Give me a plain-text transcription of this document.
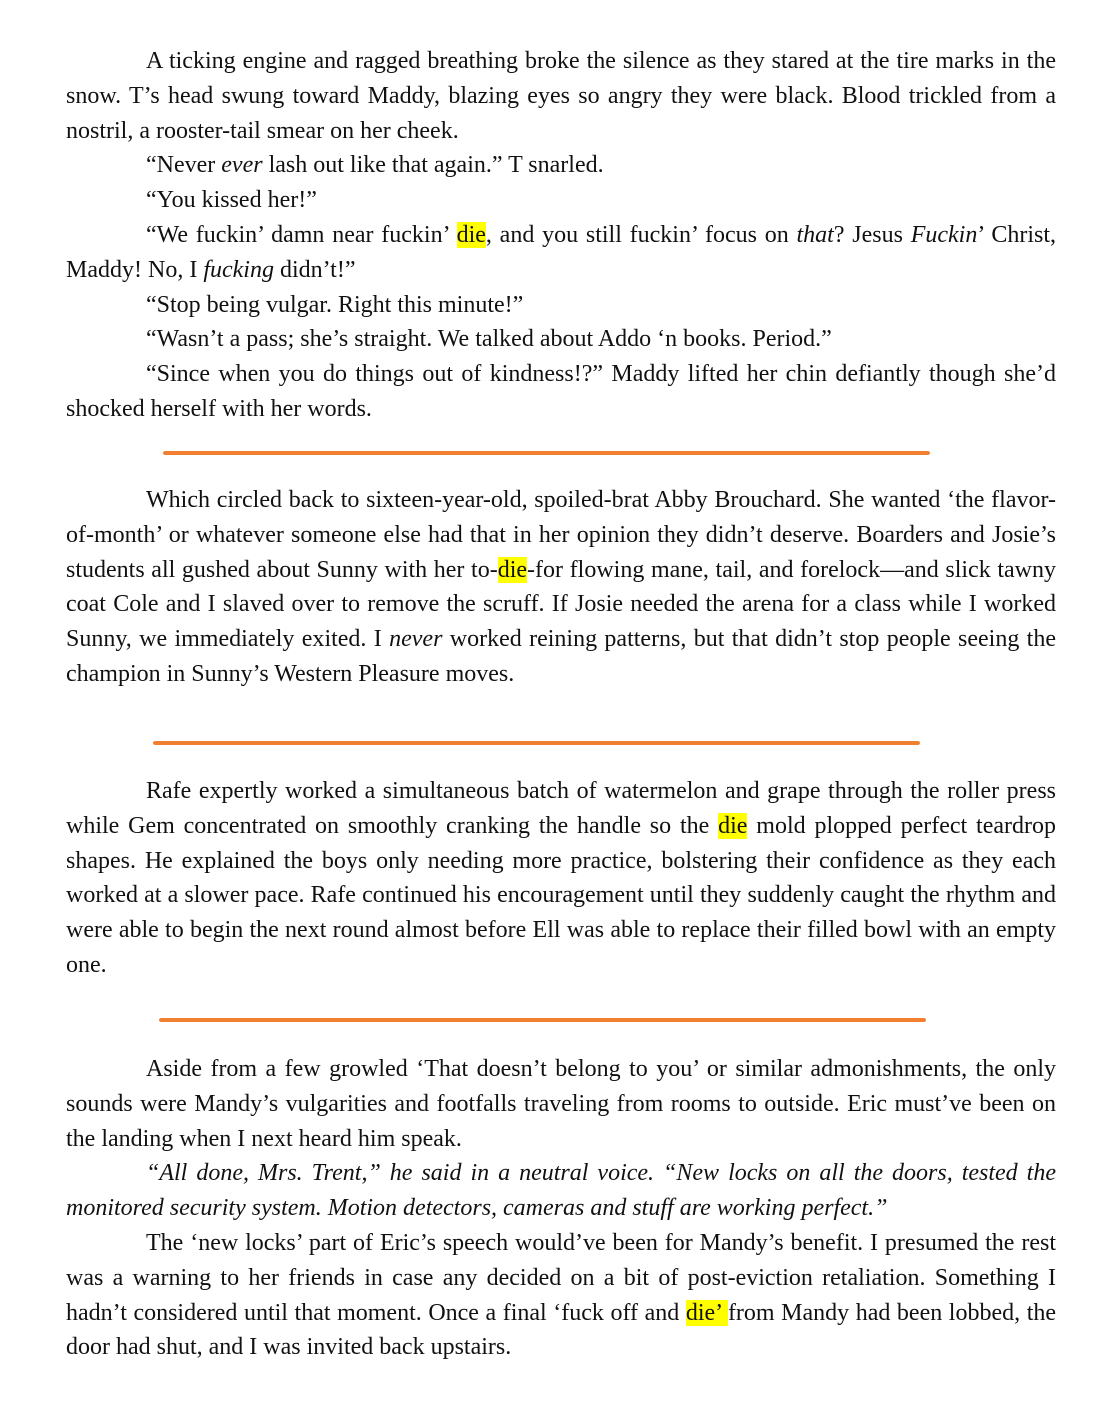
A ticking engine and ragged breathing broke the silence as they stared at the tire marks in the snow. T’s head swung toward Maddy, blazing eyes so angry they were black. Blood trickled from a nostril, a rooster-tail smear on her cheek.

“Never ever lash out like that again.” T snarled.

“You kissed her!”

“We fuckin’ damn near fuckin’ die, and you still fuckin’ focus on that? Jesus Fuckin’ Christ, Maddy! No, I fucking didn’t!”

“Stop being vulgar. Right this minute!”

“Wasn’t a pass; she’s straight. We talked about Addo ‘n books. Period.”

“Since when you do things out of kindness!?” Maddy lifted her chin defiantly though she’d shocked herself with her words.

Which circled back to sixteen-year-old, spoiled-brat Abby Brouchard. She wanted ‘the flavor-of-month’ or whatever someone else had that in her opinion they didn’t deserve. Boarders and Josie’s students all gushed about Sunny with her to-die-for flowing mane, tail, and forelock—and slick tawny coat Cole and I slaved over to remove the scruff. If Josie needed the arena for a class while I worked Sunny, we immediately exited. I never worked reining patterns, but that didn’t stop people seeing the champion in Sunny’s Western Pleasure moves.

Rafe expertly worked a simultaneous batch of watermelon and grape through the roller press while Gem concentrated on smoothly cranking the handle so the die mold plopped perfect teardrop shapes. He explained the boys only needing more practice, bolstering their confidence as they each worked at a slower pace. Rafe continued his encouragement until they suddenly caught the rhythm and were able to begin the next round almost before Ell was able to replace their filled bowl with an empty one.

Aside from a few growled ‘That doesn’t belong to you’ or similar admonishments, the only sounds were Mandy’s vulgarities and footfalls traveling from rooms to outside. Eric must’ve been on the landing when I next heard him speak.

“All done, Mrs. Trent,” he said in a neutral voice. “New locks on all the doors, tested the monitored security system. Motion detectors, cameras and stuff are working perfect.”

The ‘new locks’ part of Eric’s speech would’ve been for Mandy’s benefit. I presumed the rest was a warning to her friends in case any decided on a bit of post-eviction retaliation. Something I hadn’t considered until that moment. Once a final ‘fuck off and die’ from Mandy had been lobbed, the door had shut, and I was invited back upstairs.
